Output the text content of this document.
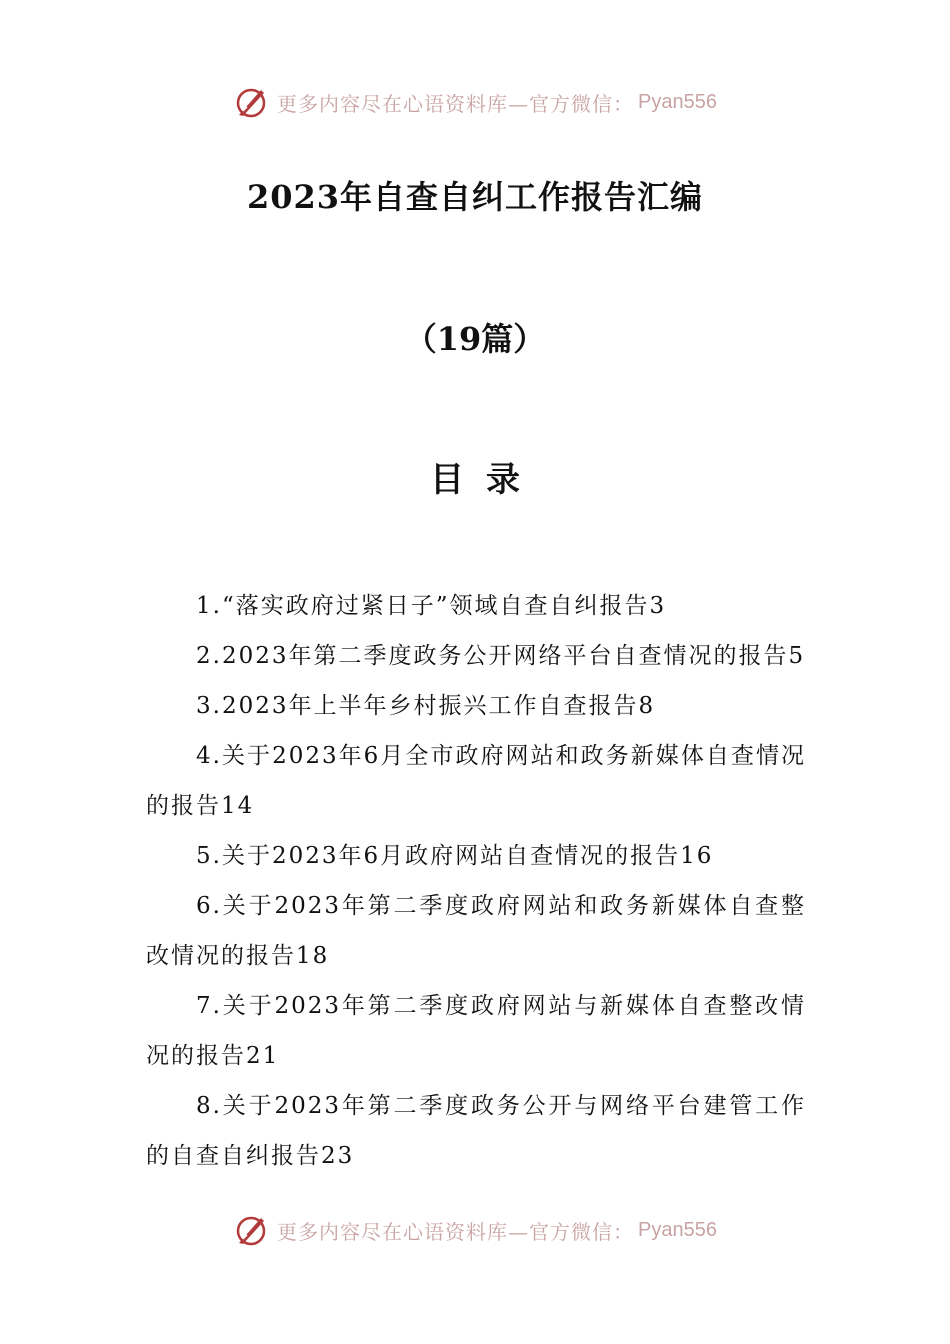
更多内容尽在心语资料库—官方微信： Pyan556
2023年自查自纠工作报告汇编
（19篇）
目录
1.“落实政府过紧日子”领域自查自纠报告3
2.2023年第二季度政务公开网络平台自查情况的报告5
3.2023年上半年乡村振兴工作自查报告8
4.关于2023年6月全市政府网站和政务新媒体自查情况的报告14
5.关于2023年6月政府网站自查情况的报告16
6.关于2023年第二季度政府网站和政务新媒体自查整改情况的报告18
7.关于2023年第二季度政府网站与新媒体自查整改情况的报告21
8.关于2023年第二季度政务公开与网络平台建管工作的自查自纠报告23
更多内容尽在心语资料库—官方微信： Pyan556
